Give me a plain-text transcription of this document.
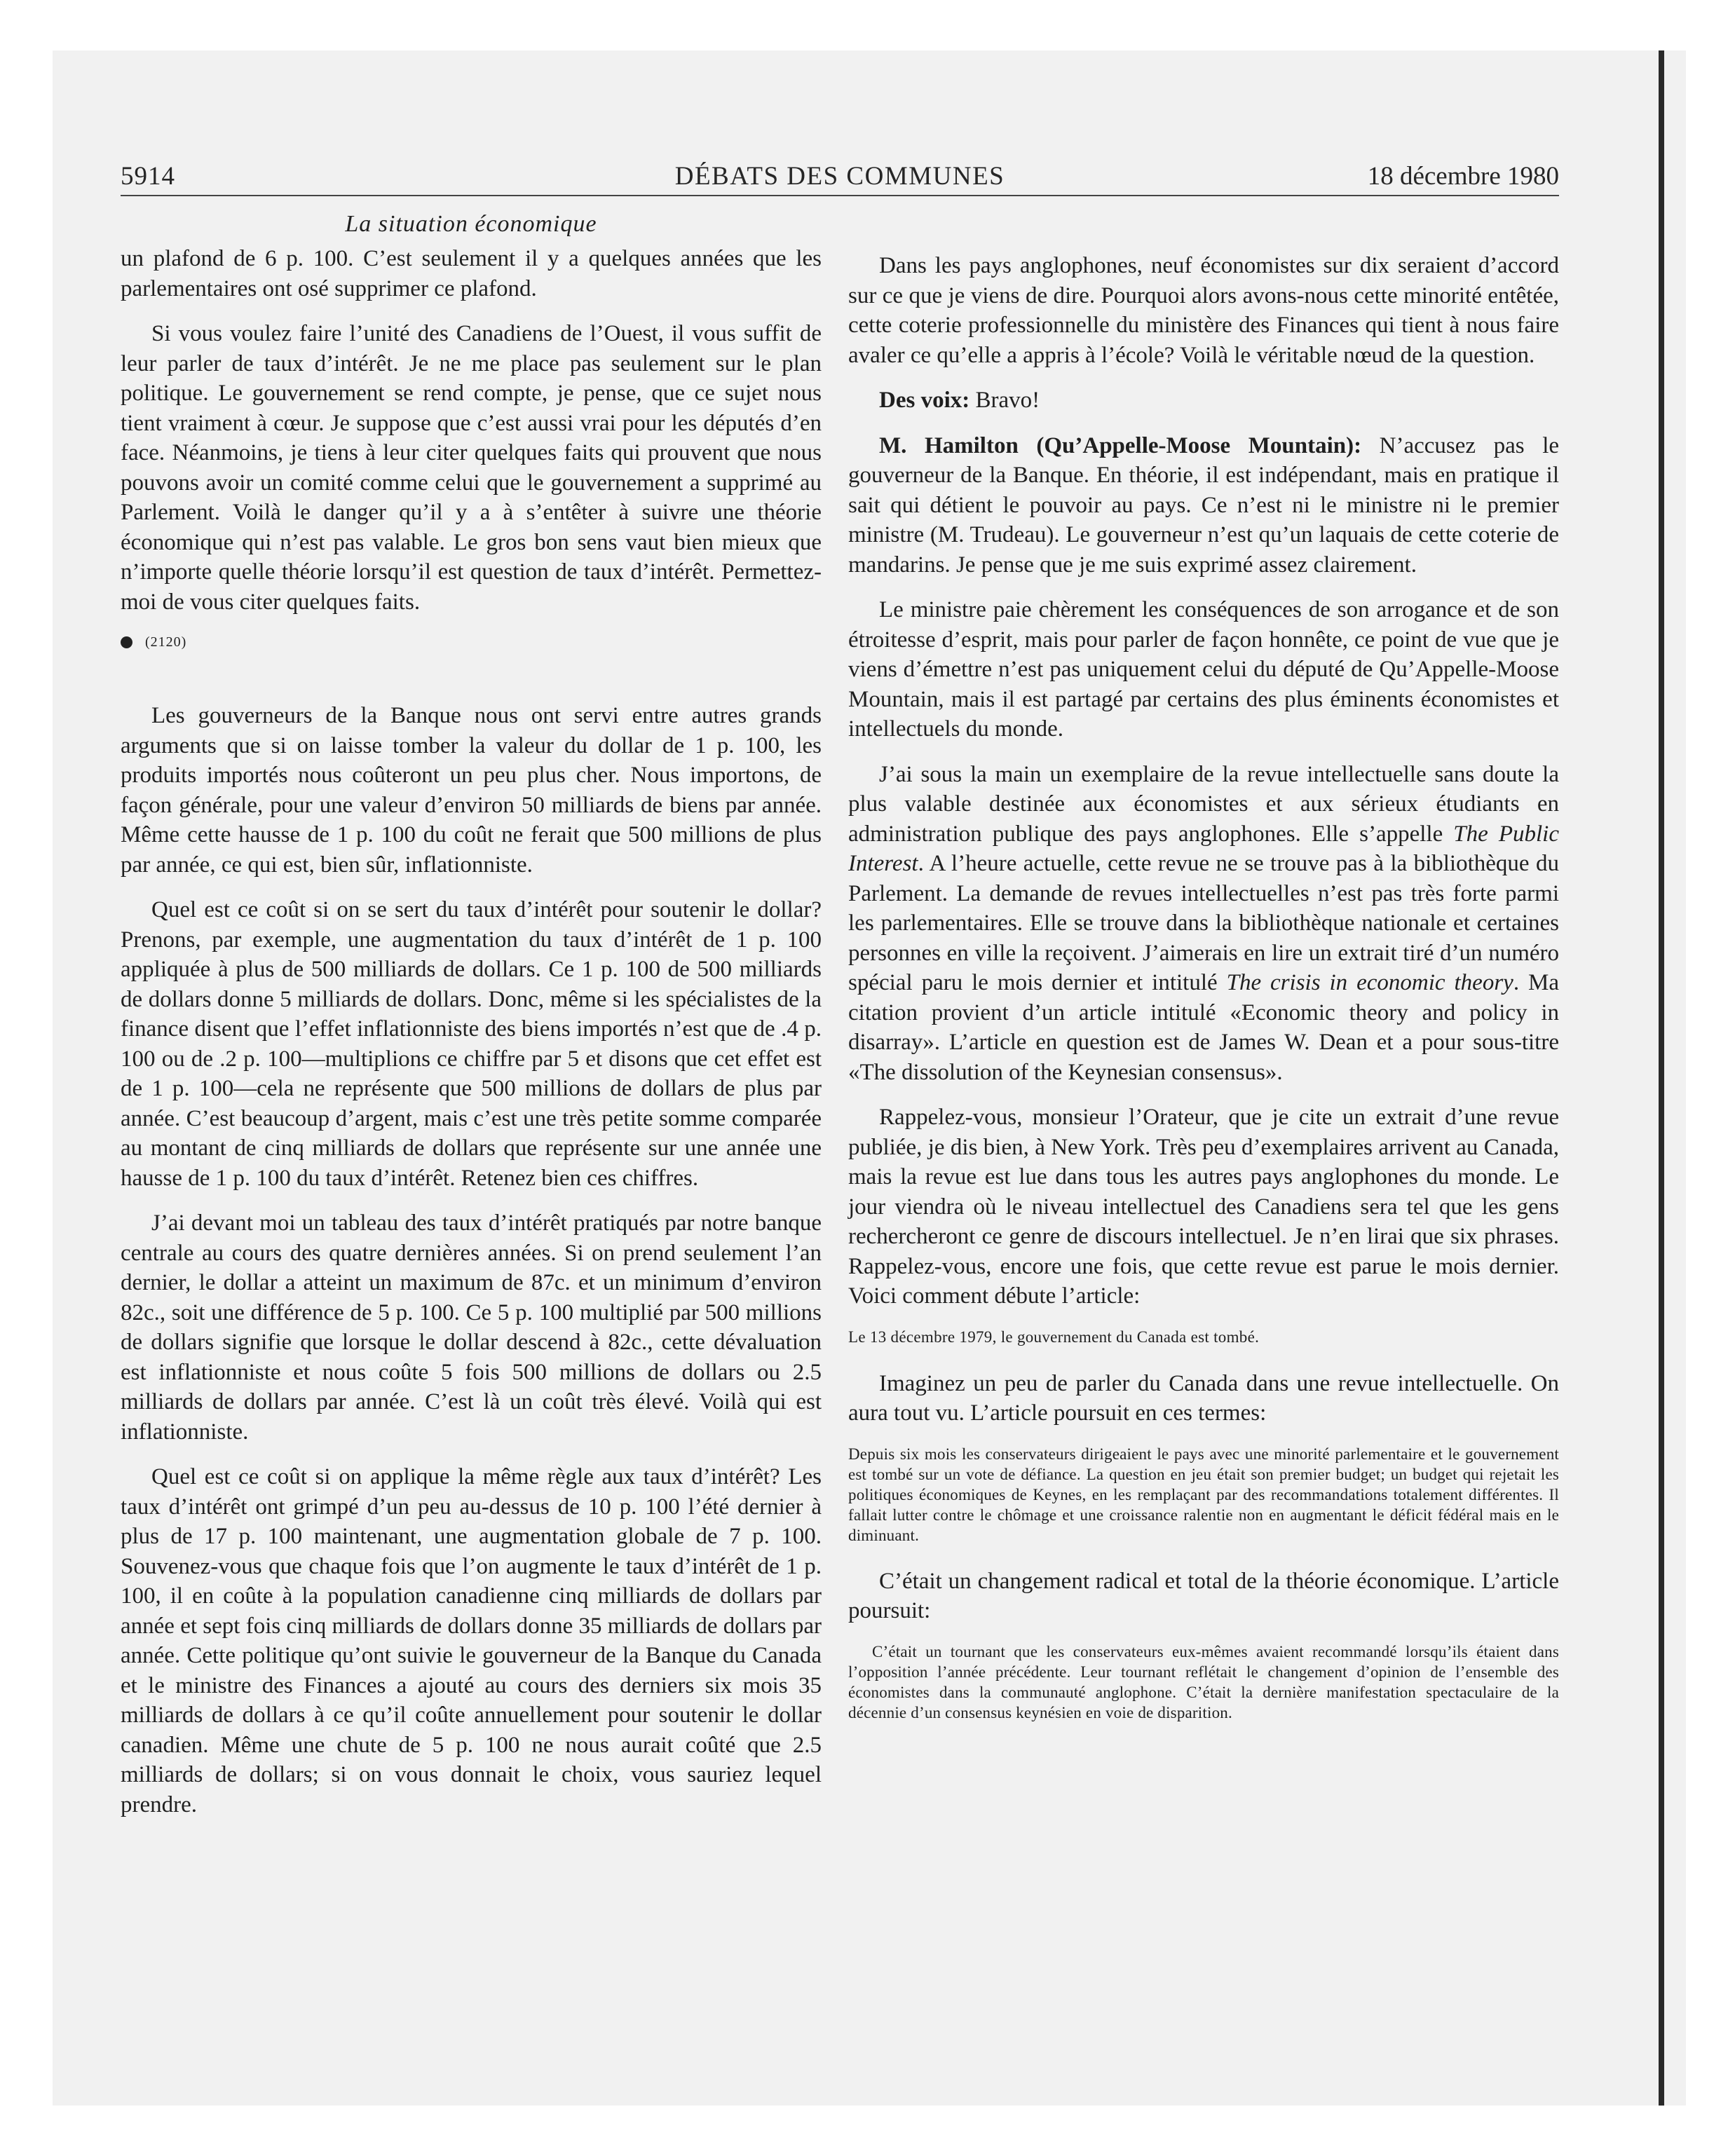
5914	DÉBATS DES COMMUNES	18 décembre 1980
La situation économique

un plafond de 6 p. 100. C’est seulement il y a quelques années que les parlementaires ont osé supprimer ce plafond.

Si vous voulez faire l’unité des Canadiens de l’Ouest, il vous suffit de leur parler de taux d’intérêt. Je ne me place pas seulement sur le plan politique. Le gouvernement se rend compte, je pense, que ce sujet nous tient vraiment à cœur. Je suppose que c’est aussi vrai pour les députés d’en face. Néanmoins, je tiens à leur citer quelques faits qui prouvent que nous pouvons avoir un comité comme celui que le gouvernement a supprimé au Parlement. Voilà le danger qu’il y a à s’entêter à suivre une théorie économique qui n’est pas valable. Le gros bon sens vaut bien mieux que n’importe quelle théorie lorsqu’il est question de taux d’intérêt. Permettez-moi de vous citer quelques faits.

(2120)

Les gouverneurs de la Banque nous ont servi entre autres grands arguments que si on laisse tomber la valeur du dollar de 1 p. 100, les produits importés nous coûteront un peu plus cher. Nous importons, de façon générale, pour une valeur d’environ 50 milliards de biens par année. Même cette hausse de 1 p. 100 du coût ne ferait que 500 millions de plus par année, ce qui est, bien sûr, inflationniste.

Quel est ce coût si on se sert du taux d’intérêt pour soutenir le dollar? Prenons, par exemple, une augmentation du taux d’intérêt de 1 p. 100 appliquée à plus de 500 milliards de dollars. Ce 1 p. 100 de 500 milliards de dollars donne 5 milliards de dollars. Donc, même si les spécialistes de la finance disent que l’effet inflationniste des biens importés n’est que de .4 p. 100 ou de .2 p. 100—multiplions ce chiffre par 5 et disons que cet effet est de 1 p. 100—cela ne représente que 500 millions de dollars de plus par année. C’est beaucoup d’argent, mais c’est une très petite somme comparée au montant de cinq milliards de dollars que représente sur une année une hausse de 1 p. 100 du taux d’intérêt. Retenez bien ces chiffres.

J’ai devant moi un tableau des taux d’intérêt pratiqués par notre banque centrale au cours des quatre dernières années. Si on prend seulement l’an dernier, le dollar a atteint un maximum de 87c. et un minimum d’environ 82c., soit une différence de 5 p. 100. Ce 5 p. 100 multiplié par 500 millions de dollars signifie que lorsque le dollar descend à 82c., cette dévaluation est inflationniste et nous coûte 5 fois 500 millions de dollars ou 2.5 milliards de dollars par année. C’est là un coût très élevé. Voilà qui est inflationniste.

Quel est ce coût si on applique la même règle aux taux d’intérêt? Les taux d’intérêt ont grimpé d’un peu au-dessus de 10 p. 100 l’été dernier à plus de 17 p. 100 maintenant, une augmentation globale de 7 p. 100. Souvenez-vous que chaque fois que l’on augmente le taux d’intérêt de 1 p. 100, il en coûte à la population canadienne cinq milliards de dollars par année et sept fois cinq milliards de dollars donne 35 milliards de dollars par année. Cette politique qu’ont suivie le gouverneur de la Banque du Canada et le ministre des Finances a ajouté au cours des derniers six mois 35 milliards de dollars à ce qu’il coûte annuellement pour soutenir le dollar canadien. Même une chute de 5 p. 100 ne nous aurait coûté que 2.5 milliards de dollars; si on vous donnait le choix, vous sauriez lequel prendre.

Dans les pays anglophones, neuf économistes sur dix seraient d’accord sur ce que je viens de dire. Pourquoi alors avons-nous cette minorité entêtée, cette coterie professionnelle du ministère des Finances qui tient à nous faire avaler ce qu’elle a appris à l’école? Voilà le véritable nœud de la question.

Des voix: Bravo!

M. Hamilton (Qu’Appelle-Moose Mountain): N’accusez pas le gouverneur de la Banque. En théorie, il est indépendant, mais en pratique il sait qui détient le pouvoir au pays. Ce n’est ni le ministre ni le premier ministre (M. Trudeau). Le gouverneur n’est qu’un laquais de cette coterie de mandarins. Je pense que je me suis exprimé assez clairement.

Le ministre paie chèrement les conséquences de son arrogance et de son étroitesse d’esprit, mais pour parler de façon honnête, ce point de vue que je viens d’émettre n’est pas uniquement celui du député de Qu’Appelle-Moose Mountain, mais il est partagé par certains des plus éminents économistes et intellectuels du monde.

J’ai sous la main un exemplaire de la revue intellectuelle sans doute la plus valable destinée aux économistes et aux sérieux étudiants en administration publique des pays anglophones. Elle s’appelle The Public Interest. A l’heure actuelle, cette revue ne se trouve pas à la bibliothèque du Parlement. La demande de revues intellectuelles n’est pas très forte parmi les parlementaires. Elle se trouve dans la bibliothèque nationale et certaines personnes en ville la reçoivent. J’aimerais en lire un extrait tiré d’un numéro spécial paru le mois dernier et intitulé The crisis in economic theory. Ma citation provient d’un article intitulé «Economic theory and policy in disarray». L’article en question est de James W. Dean et a pour sous-titre «The dissolution of the Keynesian consensus».

Rappelez-vous, monsieur l’Orateur, que je cite un extrait d’une revue publiée, je dis bien, à New York. Très peu d’exemplaires arrivent au Canada, mais la revue est lue dans tous les autres pays anglophones du monde. Le jour viendra où le niveau intellectuel des Canadiens sera tel que les gens rechercheront ce genre de discours intellectuel. Je n’en lirai que six phrases. Rappelez-vous, encore une fois, que cette revue est parue le mois dernier. Voici comment débute l’article:

Le 13 décembre 1979, le gouvernement du Canada est tombé.

Imaginez un peu de parler du Canada dans une revue intellectuelle. On aura tout vu. L’article poursuit en ces termes:

Depuis six mois les conservateurs dirigeaient le pays avec une minorité parlementaire et le gouvernement est tombé sur un vote de défiance. La question en jeu était son premier budget; un budget qui rejetait les politiques économiques de Keynes, en les remplaçant par des recommandations totalement différentes. Il fallait lutter contre le chômage et une croissance ralentie non en augmentant le déficit fédéral mais en le diminuant.

C’était un changement radical et total de la théorie économique. L’article poursuit:

C’était un tournant que les conservateurs eux-mêmes avaient recommandé lorsqu’ils étaient dans l’opposition l’année précédente. Leur tournant reflétait le changement d’opinion de l’ensemble des économistes dans la communauté anglophone. C’était la dernière manifestation spectaculaire de la décennie d’un consensus keynésien en voie de disparition.
